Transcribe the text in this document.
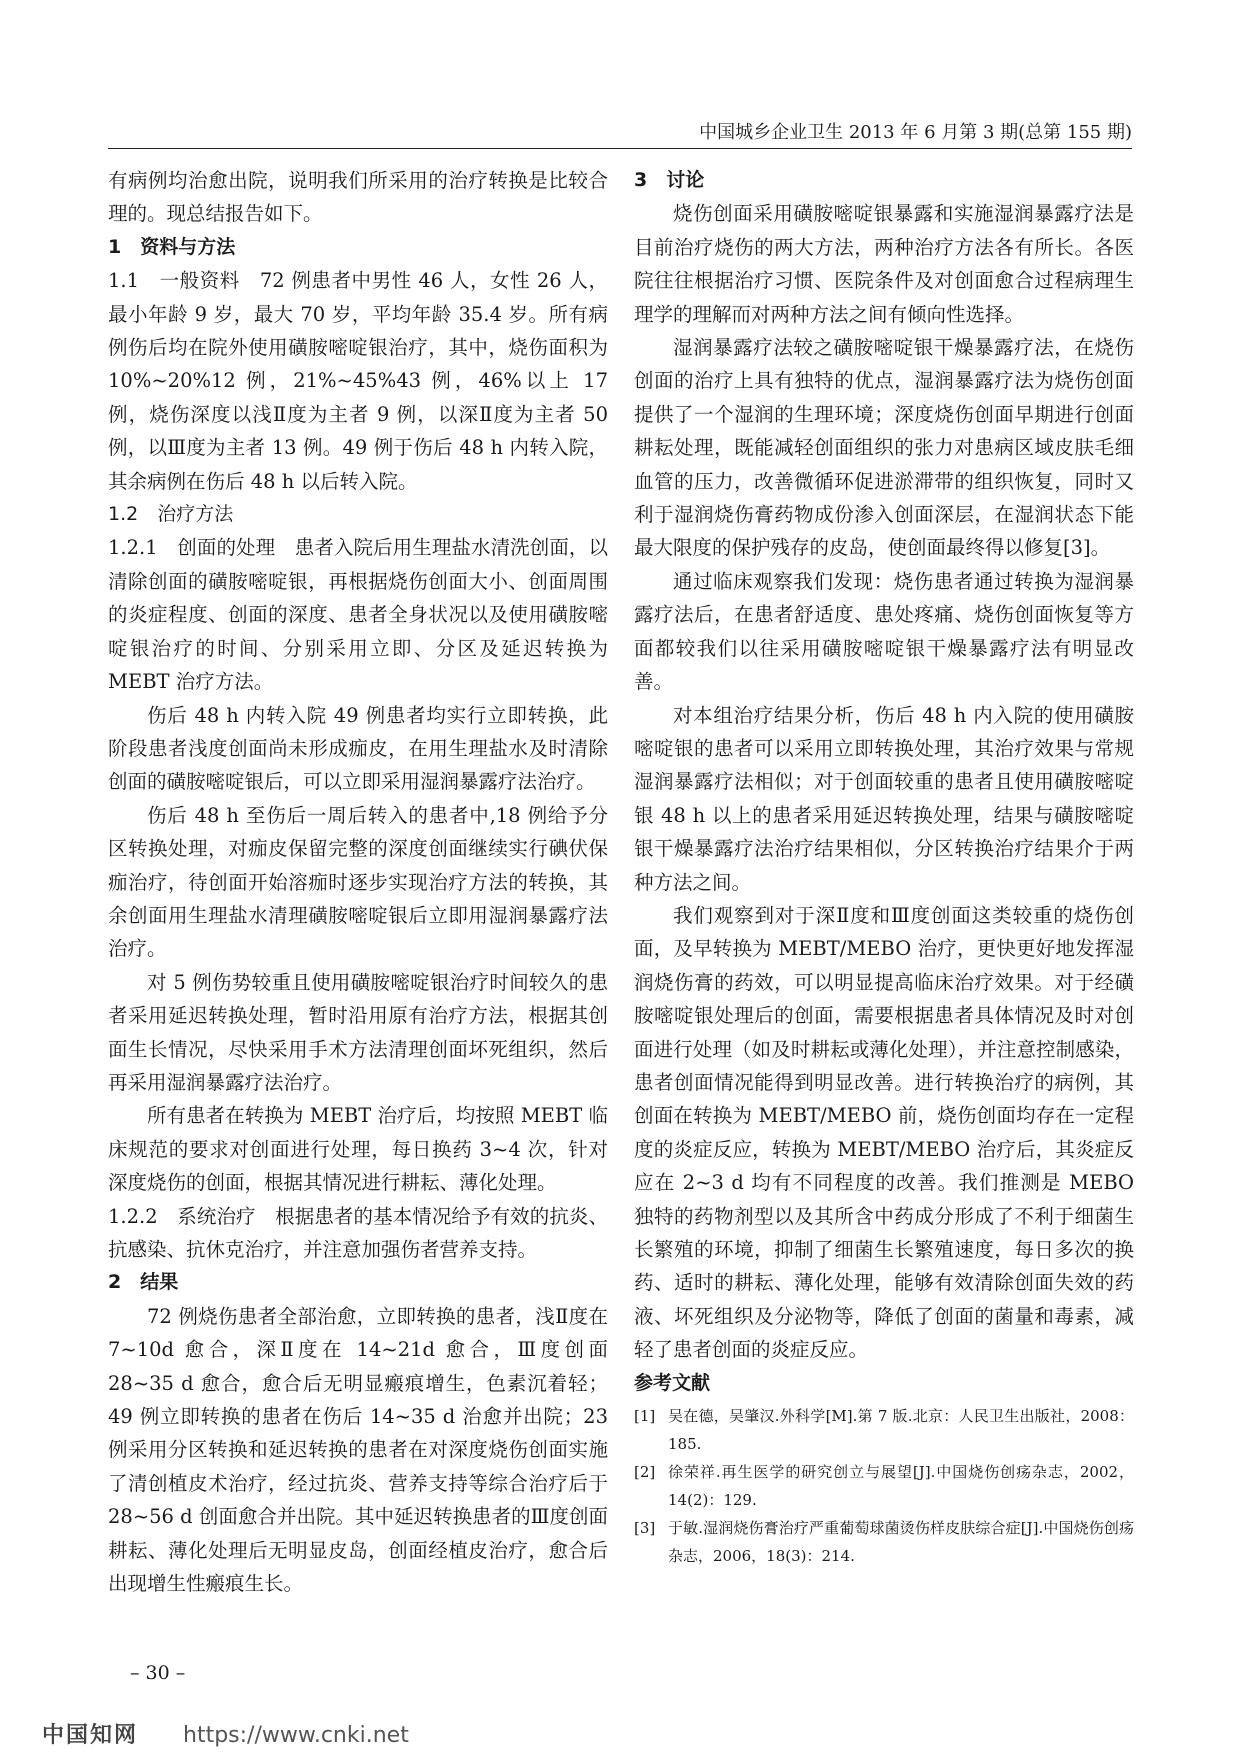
中国城乡企业卫生 2013 年 6 月第 3 期(总第 155 期)

有病例均治愈出院，说明我们所采用的治疗转换是比较合理的。现总结报告如下。

1　资料与方法

1.1　一般资料　72 例患者中男性 46 人，女性 26 人，最小年龄 9 岁，最大 70 岁，平均年龄 35.4 岁。所有病例伤后均在院外使用磺胺嘧啶银治疗，其中，烧伤面积为 10%~20%12 例，21%~45%43 例，46%以上 17 例，烧伤深度以浅Ⅱ度为主者 9 例，以深Ⅱ度为主者 50 例，以Ⅲ度为主者 13 例。49 例于伤后 48 h 内转入院，其余病例在伤后 48 h 以后转入院。

1.2　治疗方法

1.2.1　创面的处理　患者入院后用生理盐水清洗创面，以清除创面的磺胺嘧啶银，再根据烧伤创面大小、创面周围的炎症程度、创面的深度、患者全身状况以及使用磺胺嘧啶银治疗的时间、分别采用立即、分区及延迟转换为 MEBT 治疗方法。

伤后 48 h 内转入院 49 例患者均实行立即转换，此阶段患者浅度创面尚未形成痂皮，在用生理盐水及时清除创面的磺胺嘧啶银后，可以立即采用湿润暴露疗法治疗。

伤后 48 h 至伤后一周后转入的患者中,18 例给予分区转换处理，对痂皮保留完整的深度创面继续实行碘伏保痂治疗，待创面开始溶痂时逐步实现治疗方法的转换，其余创面用生理盐水清理磺胺嘧啶银后立即用湿润暴露疗法治疗。

对 5 例伤势较重且使用磺胺嘧啶银治疗时间较久的患者采用延迟转换处理，暂时沿用原有治疗方法，根据其创面生长情况，尽快采用手术方法清理创面坏死组织，然后再采用湿润暴露疗法治疗。

所有患者在转换为 MEBT 治疗后，均按照 MEBT 临床规范的要求对创面进行处理，每日换药 3~4 次，针对深度烧伤的创面，根据其情况进行耕耘、薄化处理。

1.2.2　系统治疗　根据患者的基本情况给予有效的抗炎、抗感染、抗休克治疗，并注意加强伤者营养支持。

2　结果

72 例烧伤患者全部治愈，立即转换的患者，浅Ⅱ度在 7~10d 愈合，深Ⅱ度在 14~21d 愈合，Ⅲ度创面 28~35 d 愈合，愈合后无明显瘢痕增生，色素沉着轻；49 例立即转换的患者在伤后 14~35 d 治愈并出院；23 例采用分区转换和延迟转换的患者在对深度烧伤创面实施了清创植皮术治疗，经过抗炎、营养支持等综合治疗后于 28~56 d 创面愈合并出院。其中延迟转换患者的Ⅲ度创面耕耘、薄化处理后无明显皮岛，创面经植皮治疗，愈合后出现增生性瘢痕生长。

3　讨论

烧伤创面采用磺胺嘧啶银暴露和实施湿润暴露疗法是目前治疗烧伤的两大方法，两种治疗方法各有所长。各医院往往根据治疗习惯、医院条件及对创面愈合过程病理生理学的理解而对两种方法之间有倾向性选择。

湿润暴露疗法较之磺胺嘧啶银干燥暴露疗法，在烧伤创面的治疗上具有独特的优点，湿润暴露疗法为烧伤创面提供了一个湿润的生理环境；深度烧伤创面早期进行创面耕耘处理，既能减轻创面组织的张力对患病区域皮肤毛细血管的压力，改善微循环促进淤滞带的组织恢复，同时又利于湿润烧伤膏药物成份渗入创面深层，在湿润状态下能最大限度的保护残存的皮岛，使创面最终得以修复[3]。

通过临床观察我们发现：烧伤患者通过转换为湿润暴露疗法后，在患者舒适度、患处疼痛、烧伤创面恢复等方面都较我们以往采用磺胺嘧啶银干燥暴露疗法有明显改善。

对本组治疗结果分析，伤后 48 h 内入院的使用磺胺嘧啶银的患者可以采用立即转换处理，其治疗效果与常规湿润暴露疗法相似；对于创面较重的患者且使用磺胺嘧啶银 48 h 以上的患者采用延迟转换处理，结果与磺胺嘧啶银干燥暴露疗法治疗结果相似，分区转换治疗结果介于两种方法之间。

我们观察到对于深Ⅱ度和Ⅲ度创面这类较重的烧伤创面，及早转换为 MEBT/MEBO 治疗，更快更好地发挥湿润烧伤膏的药效，可以明显提高临床治疗效果。对于经磺胺嘧啶银处理后的创面，需要根据患者具体情况及时对创面进行处理（如及时耕耘或薄化处理），并注意控制感染，患者创面情况能得到明显改善。进行转换治疗的病例，其创面在转换为 MEBT/MEBO 前，烧伤创面均存在一定程度的炎症反应，转换为 MEBT/MEBO 治疗后，其炎症反应在 2~3 d 均有不同程度的改善。我们推测是 MEBO 独特的药物剂型以及其所含中药成分形成了不利于细菌生长繁殖的环境，抑制了细菌生长繁殖速度，每日多次的换药、适时的耕耘、薄化处理，能够有效清除创面失效的药液、坏死组织及分泌物等，降低了创面的菌量和毒素，减轻了患者创面的炎症反应。

参考文献

[1] 吴在德，吴肇汉.外科学[M].第 7 版.北京：人民卫生出版社，2008：185.
[2] 徐荣祥.再生医学的研究创立与展望[J].中国烧伤创疡杂志，2002，14(2)：129.
[3] 于敏.湿润烧伤膏治疗严重葡萄球菌烫伤样皮肤综合症[J].中国烧伤创疡杂志，2006，18(3)：214.
– 30 –
中国知网 https://www.cnki.net
